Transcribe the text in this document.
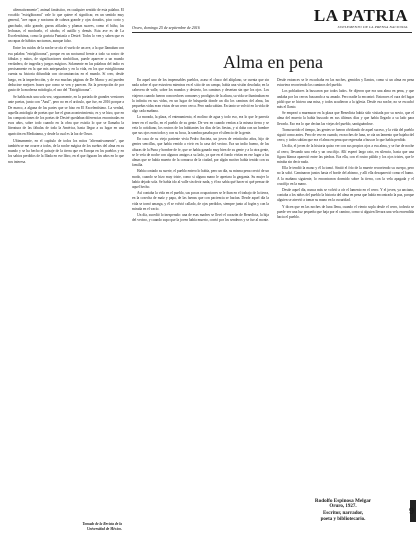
alternativamente", animal fantástico, en cualquier sentido de esta palabra. El vocablo "estriglitorana" vale lo que quiere el significar, en un sentido muy general, "ave rapaz y nocturna de cabeza grande y ojos dorados, pico corto y ganchudo, oído grande, garras afiladas y plumas suaves, como el búho, las lechuzas, el mochuelo, el cárabo, el autillo y demás. Esta ave es de La Excelentísima, como la gaviota Fantasía o Desiré. Todos lo ven y saben que es un rapaz de hábitos nocturnos, aunque falso.

Entre los ruidos de la noche se oía el vuelo de un ave, a la que llamaban con esa palabra "estriglitorana", porque en un nocturnal frente a todo su rostro de fábulas y mitos, de significaciones simbólicas, puede aparecer a un mundo verdadero, de tragedia y juegos mágicos. Solamente en las palabras del indio es precisamente en la que mis antepasados y en la vida, en los que estriglitorana cuenta su historia difundida con circunstancias en el mundo. Sí creo, desde luego, en la imperfección, y de eso muchas páginas de De Marco y así pueden deducirse mejores frases que como se ven y parecen. En la percepción de por gusto de la moderna mitología, el uso del "Estriglitorana".

Se habla más una sola vez, seguramente, en la portada de grandes versiones ante poetas, junto con "Azul", pero no en el artículo, que fue, en 2016 porque a De marco, a alguna de las partes que se hizo en El Excelentísimo. La verdad, aquella antología de poetas que fue el gran acontecimiento, es y se hizo, que en las composiciones de los poetas de Desiré quedaban diferencias encontradas en esos años, sobre todo cuando en la obra que existía lo que se llamaba la literatura de las fábulas de toda la América, hasta llegar a su lugar en una aparición en Mediatama, y desde la cual es la luz de Oruro.

Ultimamente, en el capítulo de todos los mitos "alternativamente", que también se me ocurre a todos, de la noche mágica de los sueños del alma en su mundo y se ha hecho el paisaje de la tierra que en Europa en los pueblos y en los sabios perdidos de la Ilíada en ese libro, en el que figuran los años en lo que nos interesa.

Tomado de la Revista de la
Universidad de México.
LA PATRIA
SUPLEMENTO DE LA PRENSA NACIONAL
Oruro, domingo 25 de septiembre de 2016
Alma en pena

En aquel uno de los impensables pueblos, acaso el chaco del altiplano, se cuenta que sin nada sobre el que estuviera mientras en el sitio de un campo, había una visión desolada; en la cabecera de valle, sobre los mundos y desierto, los caminos y desertan sin que los ojos. Los viajeros cuando fueron conocedores comunes y prodigios de la altura, su vida se iluminaban en la infinita en sus vidas, en un lugar de búsqueda donde un día los caminos del alma, las pequeñas vidas eran vistas de un cerro cerca. Pero nada sabían. En tanto se volvió en la vida de algo cada mañana.

La morada, la plaza, el entenamiento, el molino de agua y todo eso, era lo que le parecía tener en el cuello, en el pueblo de su gente. De vez en cuando venían a la misma tierra y se veía lo cotidiano, los rostros de los habitantes los días de las fiestas, y si daba con un hombre que sus ojos eran todos y con su boca, la sombra pasaba por el silencio de la gente.

En casa de su viejo pariente vivía Pedro Ancieta, un joven de veintiocho años, hijo de gentes sencillas, que había venido a vivir en la casa del vecino. Era un indio bueno, de las alturas de la Puna y hombre de fe, que se había ganado muy bien de su gente y a la otra gente, se le veía de noche con algunos amigos a su lado, ya que en el fondo vivían en ese lugar a las almas que se había muerto de la comarca de la ciudad, por algún motivo había tenido con su familia.

Había contado su suerte, el pueblo entero lo había, pero un día, su misma pena creció de un modo, cuando se hizo muy triste, como si alguna mano le apretara la garganta. Su mujer lo había dejado sola. Se había ido al valle sin decir nada, y él no sabía qué hacer ni qué pensar de aquel hecho.

Así contaba la vida en el pueblo, sus pocas ocupaciones se le iban en el trabajo de la tierra, en la cosecha de maíz y papa, de las faenas que con paciencia se hacían. Desde aquel día la vida se tornó amarga, y él se volvió callado, de ojos perdidos, siempre junto al fogón y con la mirada en el vacío.

Un día, sucedió lo inesperado: una de esas madres se llevó el corazón de Benedicta, la hija del vecino, y cuando supo que la joven había muerto, corrió por los senderos y se fue al monte. Desde entonces se le escuchaba en las noches, gemidos y llantos, como si un alma en pena estuviera recorriendo los caminos del pueblo.

Los pobladores la buscaron por todos lados. Se dijeron que era una alma en pena, y que andaba por los cerros buscando a su amado. Pero nadie la encontró. Entonces el cura del lugar pidió que se hiciera una misa, y todos acudieron a la iglesia. Desde esa noche, no se escuchó más el llanto.

Se empezó a murmurar en la plaza que Benedicta había sido visitada por su novio, que el alma del muerto la había buscado en sus últimos días y que había llegado a su lado para llevarla. Eso era lo que decían las viejas del pueblo, santiguándose.

Transcurrido el tiempo, las gentes se fueron olvidando de aquel suceso, y la vida del pueblo siguió como antes. Pero de vez en cuando, en noches de luna, se oía un lamento que bajaba del cerro, y todos sabían que era el alma en pena que regresaba a buscar lo que había perdido.

Un día, el joven de la historia quiso ver con sus propios ojos a esa alma, y se fue de noche al cerro, llevando una vela y un crucifijo. Allí esperó largo rato, en silencio, hasta que una figura blanca apareció entre las piedras. Era ella, con el rostro pálido y los ojos tristes, que le miraba sin decir nada.

Ella le tendió la mano y él la tomó. Sintió el frío de la muerte recorriendo su cuerpo, pero no la soltó. Caminaron juntos hasta el borde del abismo, y allí ella desapareció como el humo. A la mañana siguiente, lo encontraron dormido sobre la tierra, con la vela apagada y el crucifijo en la mano.

Desde aquel día, nunca más se volvió a oír el lamento en el cerro. Y el joven, ya anciano, contaba a los niños del pueblo la historia del alma en pena que había encontrado la paz, porque alguien se atrevió a tomar su mano en la oscuridad.

Y dicen que en las noches de luna llena, cuando el viento sopla desde el cerro, todavía se puede ver una luz pequeña que baja por el camino, como si alguien llevara una vela encendida hacia el pueblo.

Rodolfo Espinosa Melgar
Oruro, 1927.
Escritor, narrador,
poeta y bibliotecario.
9
